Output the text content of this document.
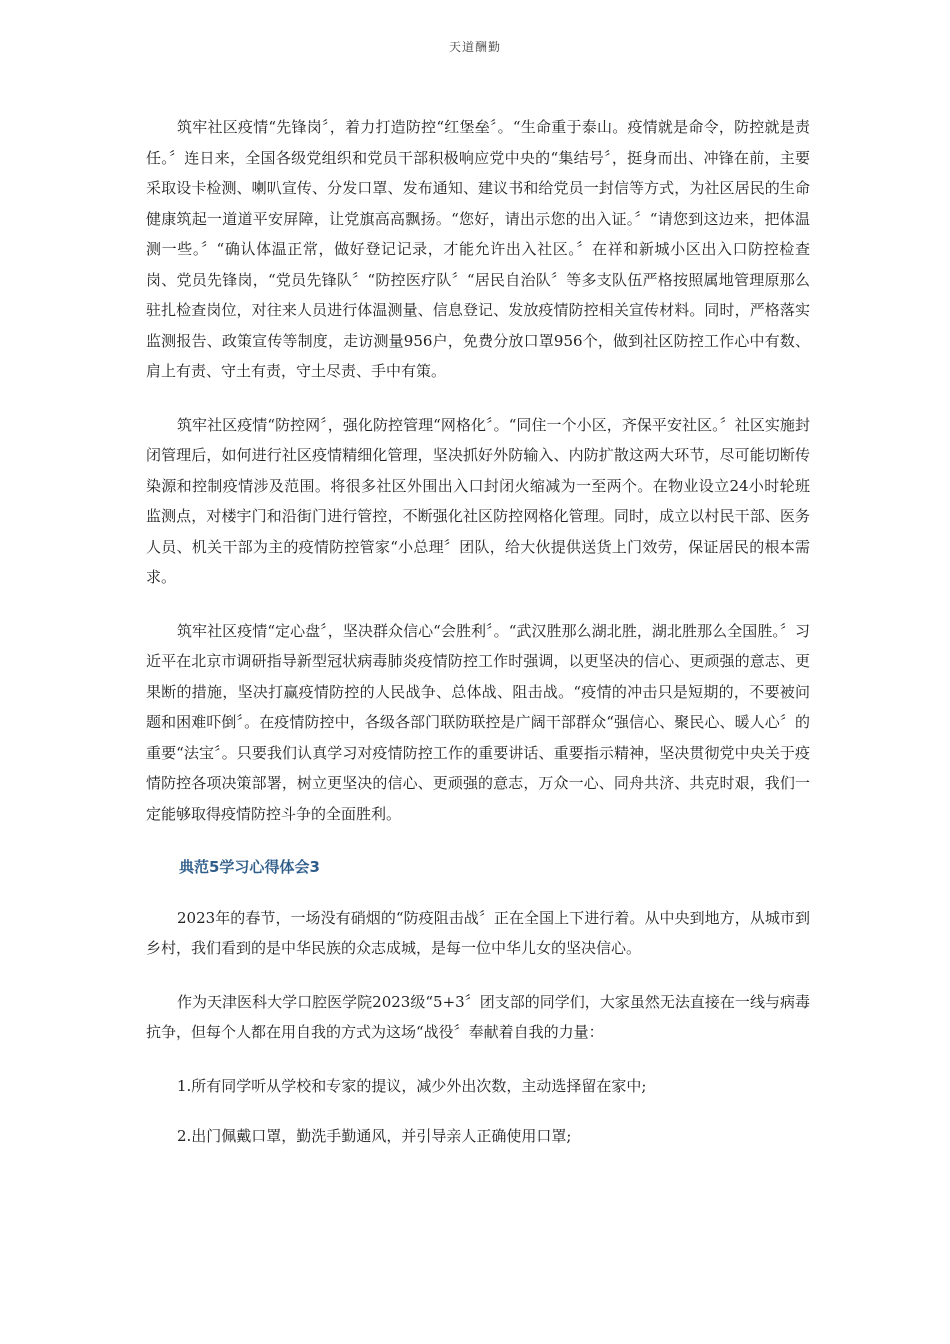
天道酬勤

筑牢社区疫情“先锋岗〞，着力打造防控“红堡垒〞。“生命重于泰山。疫情就是命令，防控就是责任。〞连日来，全国各级党组织和党员干部积极响应党中央的“集结号〞，挺身而出、冲锋在前，主要采取设卡检测、喇叭宣传、分发口罩、发布通知、建议书和给党员一封信等方式，为社区居民的生命健康筑起一道道平安屏障，让党旗高高飘扬。“您好，请出示您的出入证。〞“请您到这边来，把体温测一些。〞“确认体温正常，做好登记记录，才能允许出入社区。〞在祥和新城小区出入口防控检查岗、党员先锋岗，“党员先锋队〞“防控医疗队〞“居民自治队〞等多支队伍严格按照属地管理原那么驻扎检查岗位，对往来人员进行体温测量、信息登记、发放疫情防控相关宣传材料。同时，严格落实监测报告、政策宣传等制度，走访测量956户，免费分放口罩956个，做到社区防控工作心中有数、肩上有责、守土有责，守土尽责、手中有策。

筑牢社区疫情“防控网〞，强化防控管理“网格化〞。“同住一个小区，齐保平安社区。〞社区实施封闭管理后，如何进行社区疫情精细化管理，坚决抓好外防输入、内防扩散这两大环节，尽可能切断传染源和控制疫情涉及范围。将很多社区外围出入口封闭火缩减为一至两个。在物业设立24小时轮班监测点，对楼宇门和沿街门进行管控，不断强化社区防控网格化管理。同时，成立以村民干部、医务人员、机关干部为主的疫情防控管家“小总理〞团队，给大伙提供送货上门效劳，保证居民的根本需求。

筑牢社区疫情“定心盘〞，坚决群众信心“会胜利〞。“武汉胜那么湖北胜，湖北胜那么全国胜。〞习近平在北京市调研指导新型冠状病毒肺炎疫情防控工作时强调，以更坚决的信心、更顽强的意志、更果断的措施，坚决打赢疫情防控的人民战争、总体战、阻击战。“疫情的冲击只是短期的，不要被问题和困难吓倒〞。在疫情防控中，各级各部门联防联控是广阔干部群众“强信心、聚民心、暖人心〞的重要“法宝〞。只要我们认真学习对疫情防控工作的重要讲话、重要指示精神，坚决贯彻党中央关于疫情防控各项决策部署，树立更坚决的信心、更顽强的意志，万众一心、同舟共济、共克时艰，我们一定能够取得疫情防控斗争的全面胜利。

典范5学习心得体会3

2023年的春节，一场没有硝烟的“防疫阻击战〞正在全国上下进行着。从中央到地方，从城市到乡村，我们看到的是中华民族的众志成城，是每一位中华儿女的坚决信心。

作为天津医科大学口腔医学院2023级“5+3〞团支部的同学们，大家虽然无法直接在一线与病毒抗争，但每个人都在用自我的方式为这场“战役〞奉献着自我的力量：

1.所有同学听从学校和专家的提议，减少外出次数，主动选择留在家中;
2.出门佩戴口罩，勤洗手勤通风，并引导亲人正确使用口罩;
